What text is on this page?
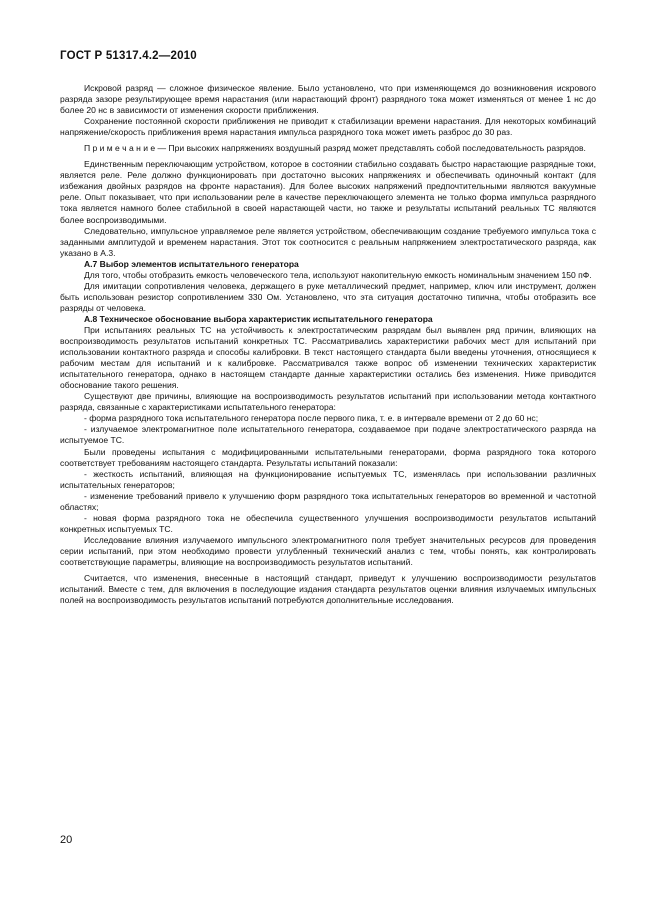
ГОСТ Р 51317.4.2—2010

Искровой разряд — сложное физическое явление. Было установлено, что при изменяющемся до возникновения искрового разряда зазоре результирующее время нарастания (или нарастающий фронт) разрядного тока может изменяться от менее 1 нс до более 20 нс в зависимости от изменения скорости приближения.

Сохранение постоянной скорости приближения не приводит к стабилизации времени нарастания. Для некоторых комбинаций напряжение/скорость приближения время нарастания импульса разрядного тока может иметь разброс до 30 раз.

П р и м е ч а н и е — При высоких напряжениях воздушный разряд может представлять собой последовательность разрядов.

Единственным переключающим устройством, которое в состоянии стабильно создавать быстро нарастающие разрядные токи, является реле. Реле должно функционировать при достаточно высоких напряжениях и обеспечивать одиночный контакт (для избежания двойных разрядов на фронте нарастания). Для более высоких напряжений предпочтительными являются вакуумные реле. Опыт показывает, что при использовании реле в качестве переключающего элемента не только форма импульса разрядного тока является намного более стабильной в своей нарастающей части, но также и результаты испытаний реальных ТС являются более воспроизводимыми.

Следовательно, импульсное управляемое реле является устройством, обеспечивающим создание требуемого импульса тока с заданными амплитудой и временем нарастания. Этот ток соотносится с реальным напряжением электростатического разряда, как указано в А.3.

А.7 Выбор элементов испытательного генератора

Для того, чтобы отобразить емкость человеческого тела, используют накопительную емкость номинальным значением 150 пФ.

Для имитации сопротивления человека, держащего в руке металлический предмет, например, ключ или инструмент, должен быть использован резистор сопротивлением 330 Ом. Установлено, что эта ситуация достаточно типична, чтобы отобразить все разряды от человека.

А.8 Техническое обоснование выбора характеристик испытательного генератора

При испытаниях реальных ТС на устойчивость к электростатическим разрядам был выявлен ряд причин, влияющих на воспроизводимость результатов испытаний конкретных ТС. Рассматривались характеристики рабочих мест для испытаний при использовании контактного разряда и способы калибровки. В текст настоящего стандарта были введены уточнения, относящиеся к рабочим местам для испытаний и к калибровке. Рассматривался также вопрос об изменении технических характеристик испытательного генератора, однако в настоящем стандарте данные характеристики остались без изменения. Ниже приводится обоснование такого решения.

Существуют две причины, влияющие на воспроизводимость результатов испытаний при использовании метода контактного разряда, связанные с характеристиками испытательного генератора:

- форма разрядного тока испытательного генератора после первого пика, т. е. в интервале времени от 2 до 60 нс;

- излучаемое электромагнитное поле испытательного генератора, создаваемое при подаче электростатического разряда на испытуемое ТС.

Были проведены испытания с модифицированными испытательными генераторами, форма разрядного тока которого соответствует требованиям настоящего стандарта. Результаты испытаний показали:

- жесткость испытаний, влияющая на функционирование испытуемых ТС, изменялась при использовании различных испытательных генераторов;

- изменение требований привело к улучшению форм разрядного тока испытательных генераторов во временной и частотной областях;

- новая форма разрядного тока не обеспечила существенного улучшения воспроизводимости результатов испытаний конкретных испытуемых ТС.

Исследование влияния излучаемого импульсного электромагнитного поля требует значительных ресурсов для проведения серии испытаний, при этом необходимо провести углубленный технический анализ с тем, чтобы понять, как контролировать соответствующие параметры, влияющие на воспроизводимость результатов испытаний.

Считается, что изменения, внесенные в настоящий стандарт, приведут к улучшению воспроизводимости результатов испытаний. Вместе с тем, для включения в последующие издания стандарта результатов оценки влияния излучаемых импульсных полей на воспроизводимость результатов испытаний потребуются дополнительные исследования.

20
